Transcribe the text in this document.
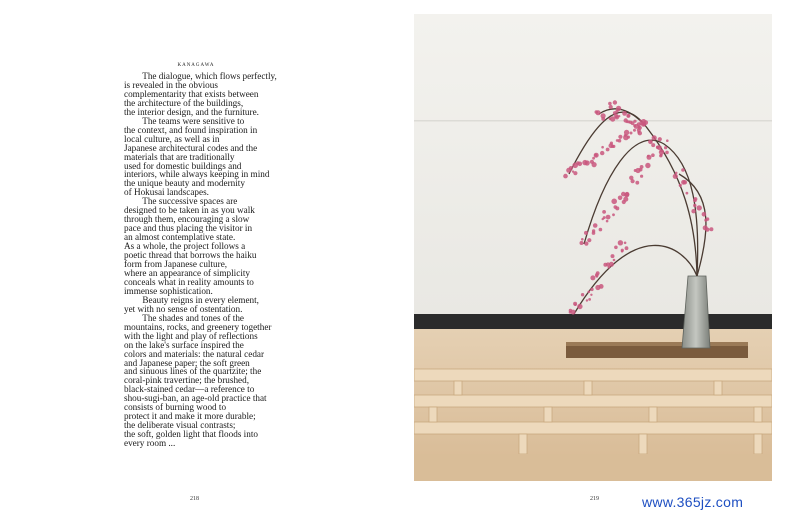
KANAGAWA

The dialogue, which flows perfectly,

is revealed in the obvious

complementarity that exists between

the architecture of the buildings,

the interior design, and the furniture.

The teams were sensitive to

the context, and found inspiration in

local culture, as well as in

Japanese architectural codes and the

materials that are traditionally

used for domestic buildings and

interiors, while always keeping in mind

the unique beauty and modernity

of Hokusai landscapes.

The successive spaces are

designed to be taken in as you walk

through them, encouraging a slow

pace and thus placing the visitor in

an almost contemplative state.

As a whole, the project follows a

poetic thread that borrows the haiku

form from Japanese culture,

where an appearance of simplicity

conceals what in reality amounts to

immense sophistication.

Beauty reigns in every element,

yet with no sense of ostentation.

The shades and tones of the

mountains, rocks, and greenery together

with the light and play of reflections

on the lake's surface inspired the

colors and materials: the natural cedar

and Japanese paper; the soft green

and sinuous lines of the quartzite; the

coral-pink travertine; the brushed,

black-stained cedar—a reference to

shou-sugi-ban, an age-old practice that

consists of burning wood to

protect it and make it more durable;

the deliberate visual contrasts;

the soft, golden light that floods into

every room ...

218	219	www.365jz.com
